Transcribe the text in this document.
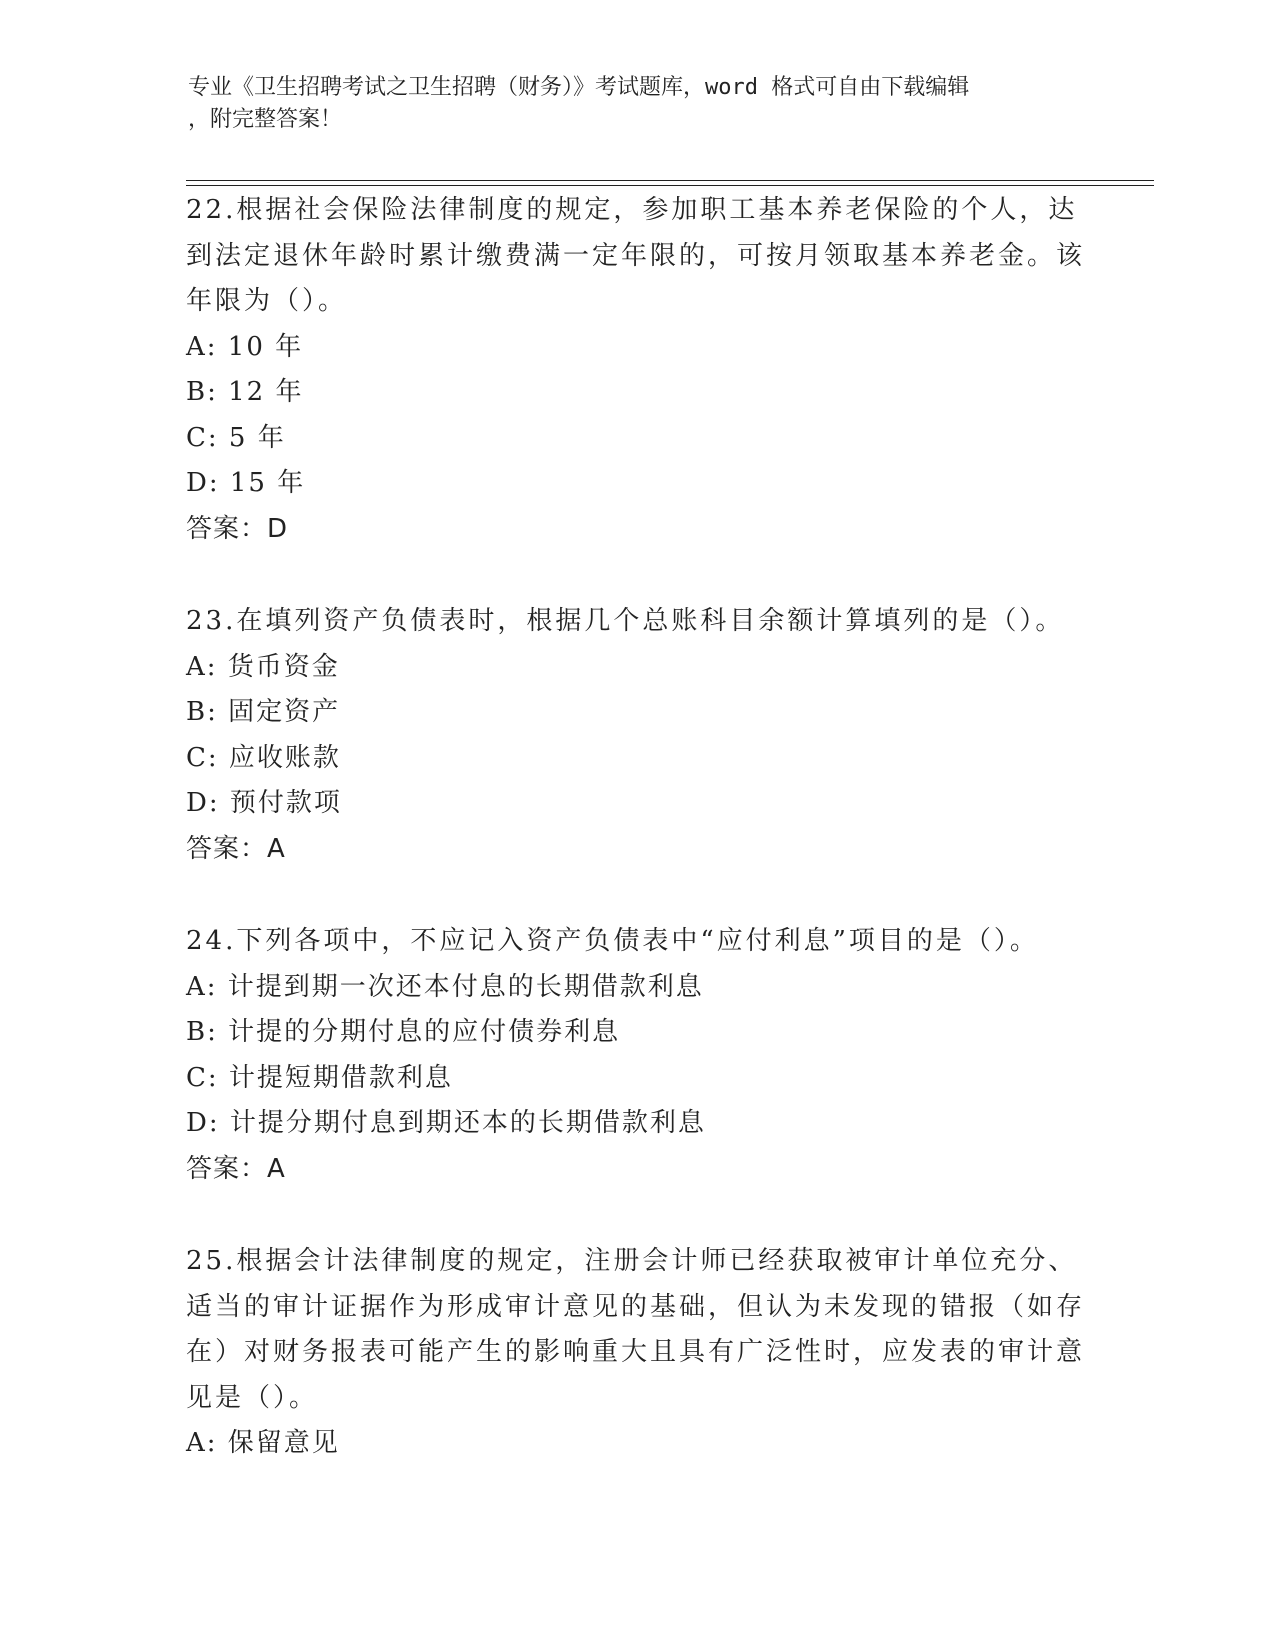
专业《卫生招聘考试之卫生招聘（财务）》考试题库，word 格式可自由下载编辑
，附完整答案！
22.根据社会保险法律制度的规定，参加职工基本养老保险的个人，达到法定退休年龄时累计缴费满一定年限的，可按月领取基本养老金。该年限为（）。
A: 10 年
B: 12 年
C: 5 年
D: 15 年
答案：D
23.在填列资产负债表时，根据几个总账科目余额计算填列的是（）。
A: 货币资金
B: 固定资产
C: 应收账款
D: 预付款项
答案：A
24.下列各项中，不应记入资产负债表中“应付利息”项目的是（）。
A: 计提到期一次还本付息的长期借款利息
B: 计提的分期付息的应付债券利息
C: 计提短期借款利息
D: 计提分期付息到期还本的长期借款利息
答案：A
25.根据会计法律制度的规定，注册会计师已经获取被审计单位充分、适当的审计证据作为形成审计意见的基础，但认为未发现的错报（如存在）对财务报表可能产生的影响重大且具有广泛性时，应发表的审计意见是（）。
A: 保留意见
